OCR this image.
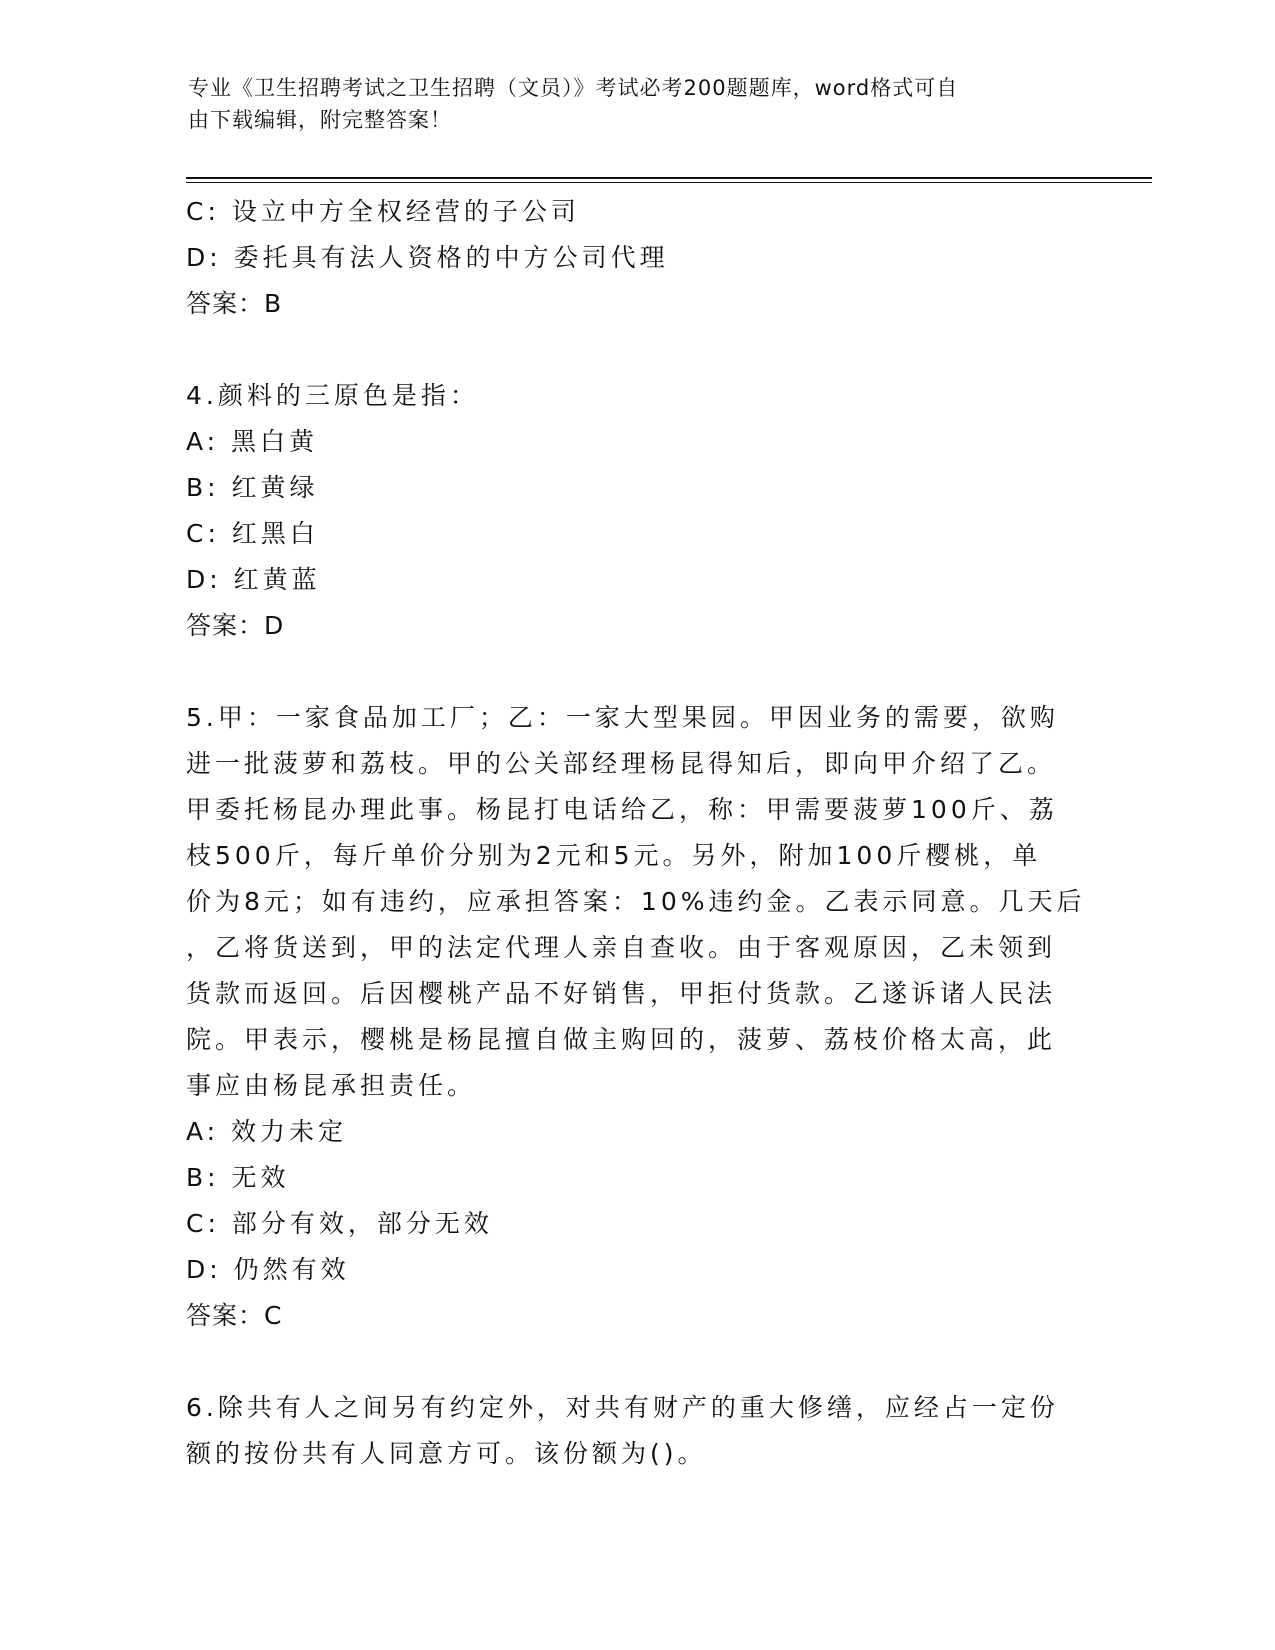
专业《卫生招聘考试之卫生招聘（文员）》考试必考200题题库，word格式可自
由下载编辑，附完整答案！
C: 设立中方全权经营的子公司
D: 委托具有法人资格的中方公司代理
答案：B
4.颜料的三原色是指：
A: 黑白黄
B: 红黄绿
C: 红黑白
D: 红黄蓝
答案：D
5.甲：一家食品加工厂；乙：一家大型果园。甲因业务的需要，欲购
进一批菠萝和荔枝。甲的公关部经理杨昆得知后，即向甲介绍了乙。
甲委托杨昆办理此事。杨昆打电话给乙，称：甲需要菠萝100斤、荔
枝500斤，每斤单价分别为2元和5元。另外，附加100斤樱桃，单
价为8元；如有违约，应承担答案：10%违约金。乙表示同意。几天后
，乙将货送到，甲的法定代理人亲自查收。由于客观原因，乙未领到
货款而返回。后因樱桃产品不好销售，甲拒付货款。乙遂诉诸人民法
院。甲表示，樱桃是杨昆擅自做主购回的，菠萝、荔枝价格太高，此
事应由杨昆承担责任。
A: 效力未定
B: 无效
C: 部分有效，部分无效
D: 仍然有效
答案：C
6.除共有人之间另有约定外，对共有财产的重大修缮，应经占一定份
额的按份共有人同意方可。该份额为()。
